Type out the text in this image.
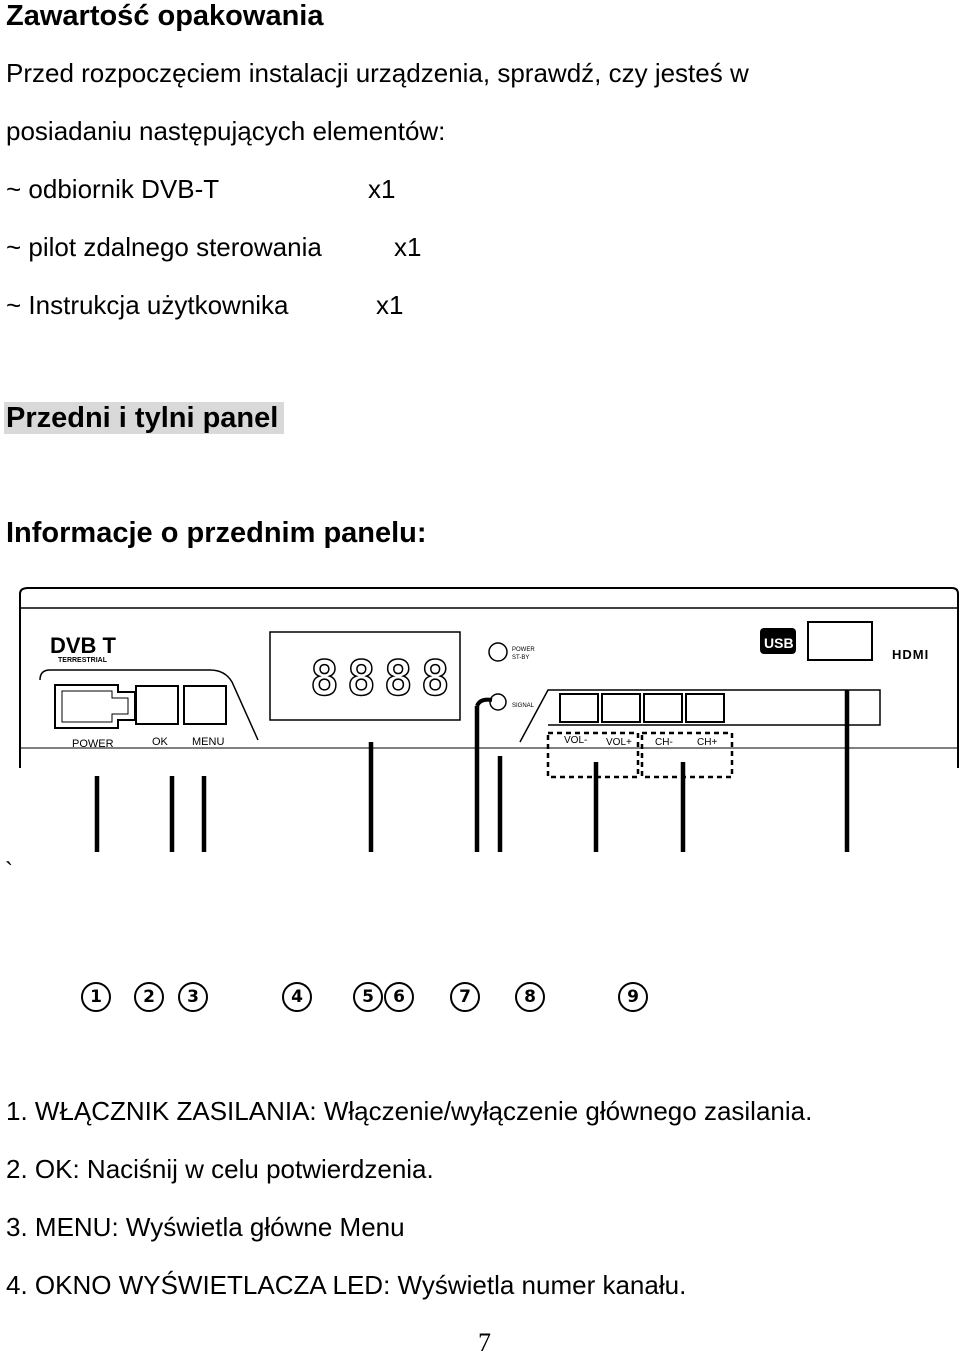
Zawartość opakowania
Przed rozpoczęciem instalacji urządzenia, sprawdź, czy jesteś w
posiadaniu następujących elementów:
~ odbiornik DVB-T	x1
~ pilot zdalnego sterowania	x1
~ Instrukcja użytkownika	x1
Przedni i tylni panel
Informacje o przednim panelu:
DVB T
TERRESTRIAL	8888
POWER
ST-BY
SIGNAL
POWER	OK MENU	VOL- VOL+ CH- CH+
USB
HDMI
`
1	2	3	4	5	6	7	8	9
1. WŁĄCZNIK ZASILANIA: Włączenie/wyłączenie głównego zasilania.
2. OK: Naciśnij w celu potwierdzenia.
3. MENU: Wyświetla główne Menu
4. OKNO WYŚWIETLACZA LED: Wyświetla numer kanału.
7
